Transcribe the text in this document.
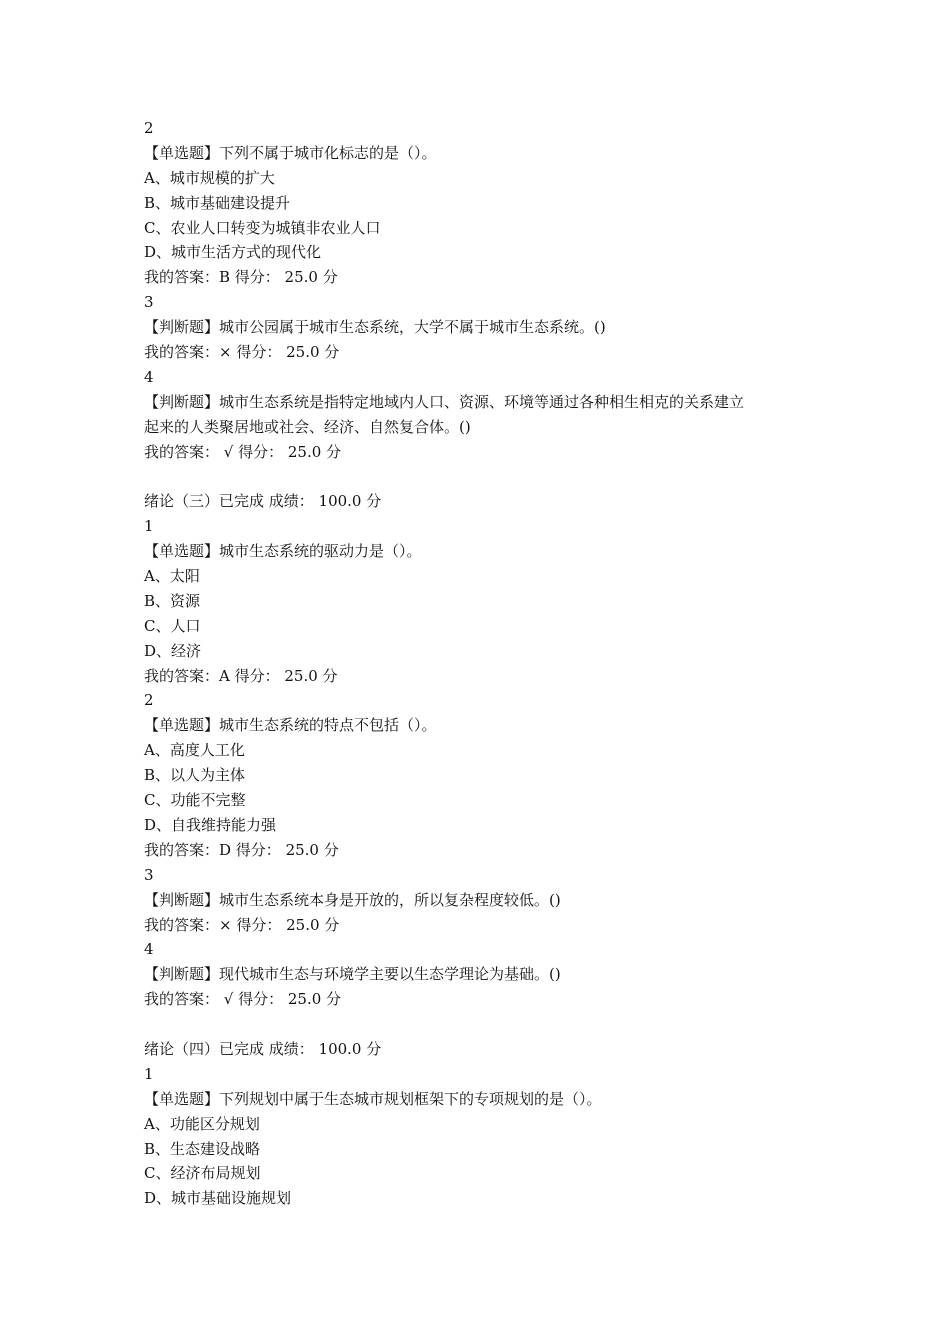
2
【单选题】下列不属于城市化标志的是（）。
A、城市规模的扩大
B、城市基础建设提升
C、农业人口转变为城镇非农业人口
D、城市生活方式的现代化
我的答案：B 得分： 25.0 分
3
【判断题】城市公园属于城市生态系统，大学不属于城市生态系统。()
我的答案：× 得分： 25.0 分
4
【判断题】城市生态系统是指特定地域内人口、资源、环境等通过各种相生相克的关系建立
起来的人类聚居地或社会、经济、自然复合体。()
我的答案： √ 得分： 25.0 分
绪论（三）已完成 成绩： 100.0 分
1
【单选题】城市生态系统的驱动力是（）。
A、太阳
B、资源
C、人口
D、经济
我的答案：A 得分： 25.0 分
2
【单选题】城市生态系统的特点不包括（）。
A、高度人工化
B、以人为主体
C、功能不完整
D、自我维持能力强
我的答案：D 得分： 25.0 分
3
【判断题】城市生态系统本身是开放的，所以复杂程度较低。()
我的答案：× 得分： 25.0 分
4
【判断题】现代城市生态与环境学主要以生态学理论为基础。()
我的答案： √ 得分： 25.0 分
绪论（四）已完成 成绩： 100.0 分
1
【单选题】下列规划中属于生态城市规划框架下的专项规划的是（）。
A、功能区分规划
B、生态建设战略
C、经济布局规划
D、城市基础设施规划
